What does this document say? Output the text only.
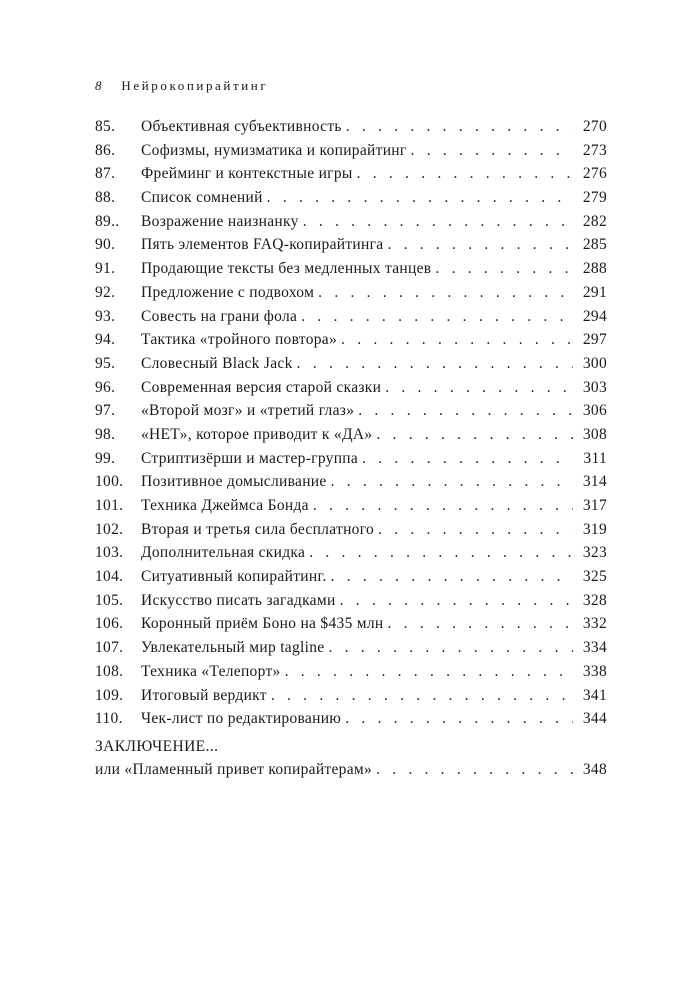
8 Нейрокопирайтинг
85.	Объективная субъективность . . .	270
86.	Софизмы, нумизматика и копирайтинг . . .	273
87.	Фрейминг и контекстные игры . . .	276
88.	Список сомнений . . .	279
89..	Возражение наизнанку . . .	282
90.	Пять элементов FAQ-копирайтинга . . .	285
91.	Продающие тексты без медленных танцев . . .	288
92.	Предложение с подвохом . . .	291
93.	Совесть на грани фола . . .	294
94.	Тактика «тройного повтора» . . .	297
95.	Словесный Black Jack . . .	300
96.	Современная версия старой сказки . . .	303
97.	«Второй мозг» и «третий глаз» . . .	306
98.	«НЕТ», которое приводит к «ДА» . . .	308
99.	Стриптизёрши и мастер-группа . . .	311
100.	Позитивное домысливание . . .	314
101.	Техника Джеймса Бонда . . .	317
102.	Вторая и третья сила бесплатного . . .	319
103.	Дополнительная скидка . . .	323
104.	Ситуативный копирайтинг. . . .	325
105.	Искусство писать загадками . . .	328
106.	Коронный приём Боно на $435 млн . . .	332
107.	Увлекательный мир tagline . . .	334
108.	Техника «Телепорт» . . .	338
109.	Итоговый вердикт . . .	341
110.	Чек-лист по редактированию . . .	344
ЗАКЛЮЧЕНИЕ...
или «Пламенный привет копирайтерам» . . .	348
